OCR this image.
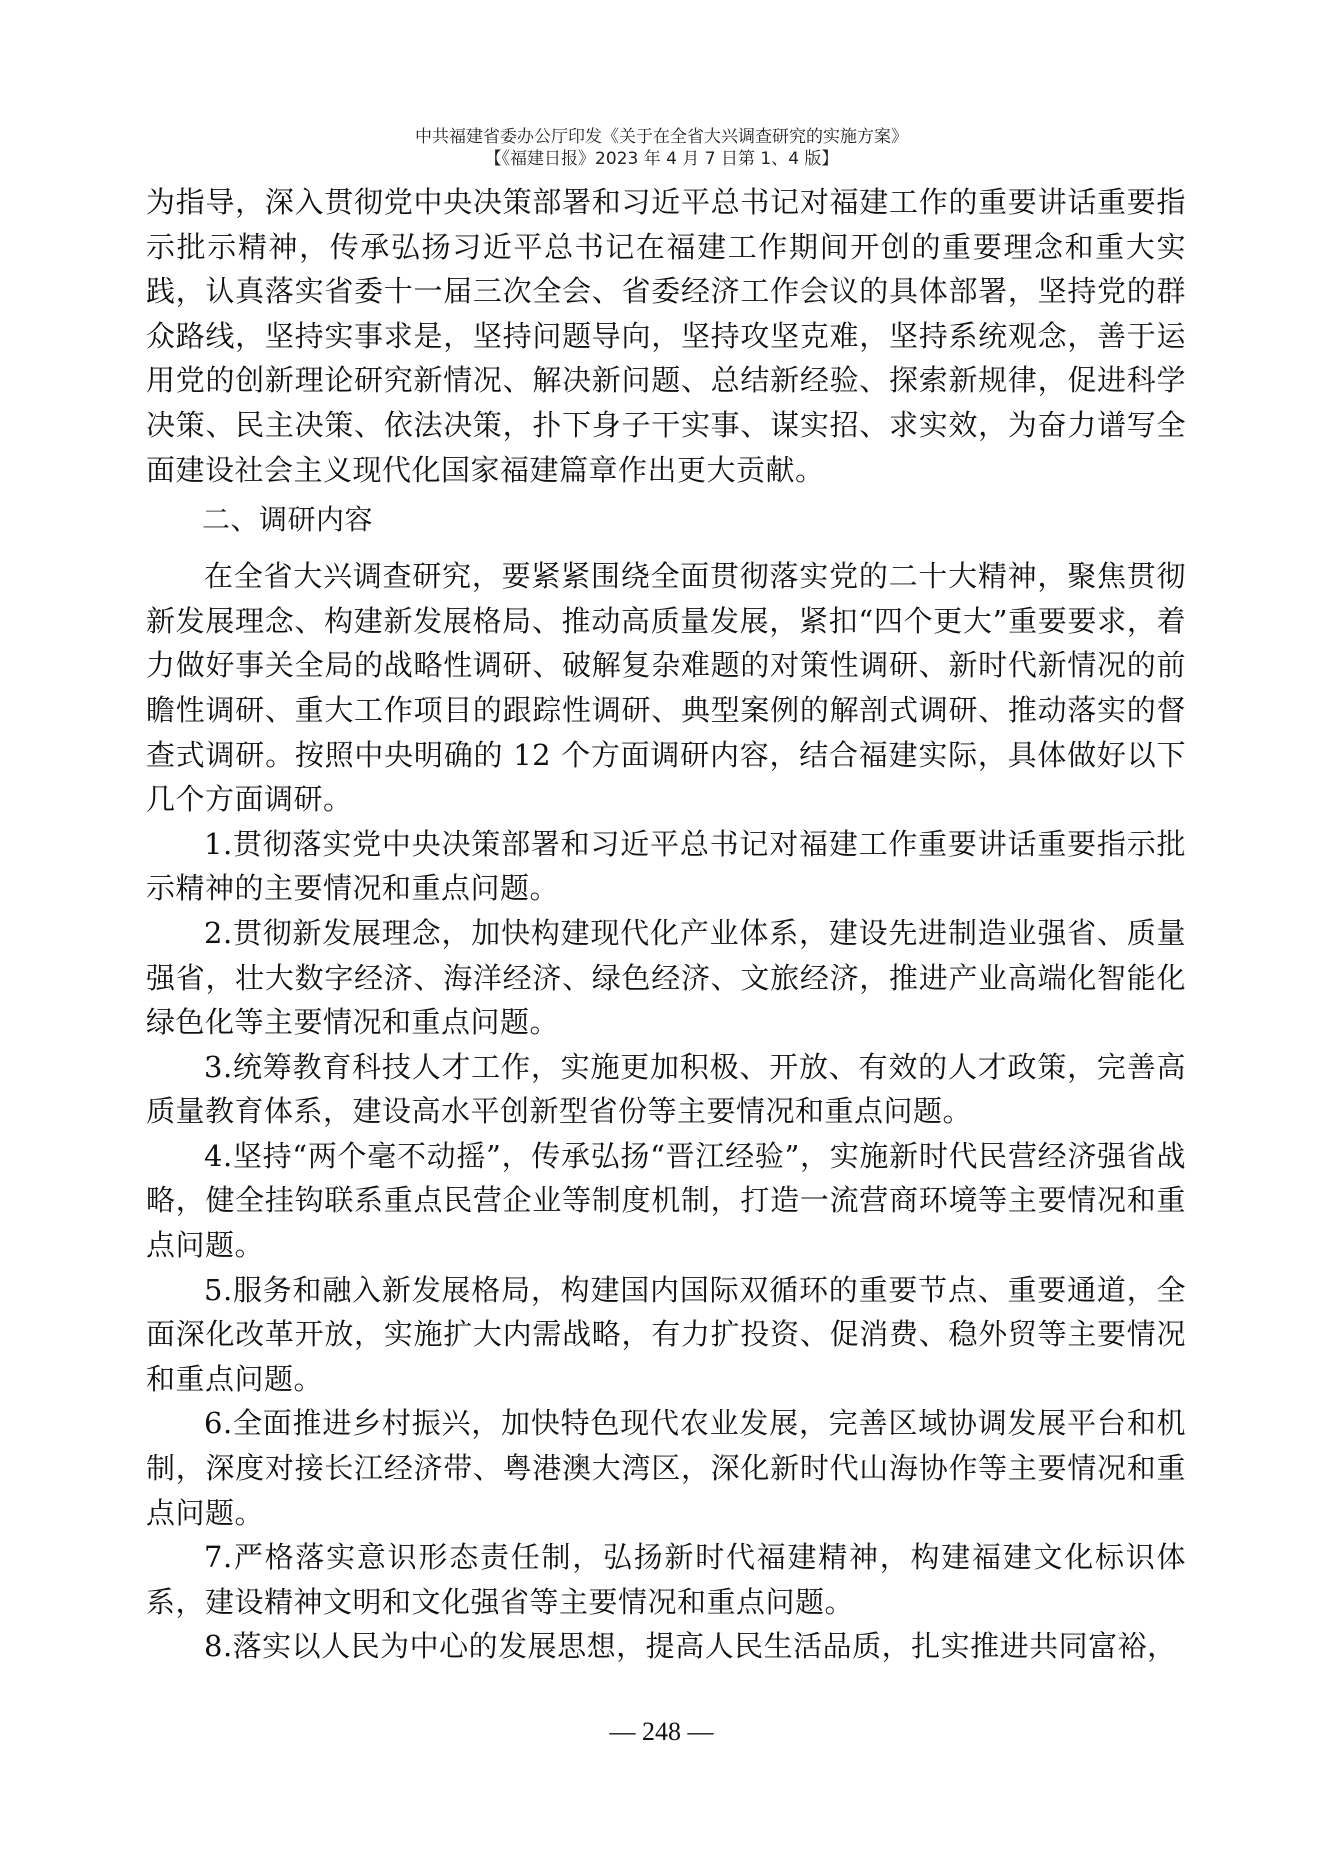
中共福建省委办公厅印发《关于在全省大兴调查研究的实施方案》
【《福建日报》2023 年 4 月 7 日第 1、4 版】

为指导，深入贯彻党中央决策部署和习近平总书记对福建工作的重要讲话重要指示批示精神，传承弘扬习近平总书记在福建工作期间开创的重要理念和重大实践，认真落实省委十一届三次全会、省委经济工作会议的具体部署，坚持党的群众路线，坚持实事求是，坚持问题导向，坚持攻坚克难，坚持系统观念，善于运用党的创新理论研究新情况、解决新问题、总结新经验、探索新规律，促进科学决策、民主决策、依法决策，扑下身子干实事、谋实招、求实效，为奋力谱写全面建设社会主义现代化国家福建篇章作出更大贡献。

二、调研内容

在全省大兴调查研究，要紧紧围绕全面贯彻落实党的二十大精神，聚焦贯彻新发展理念、构建新发展格局、推动高质量发展，紧扣“四个更大”重要要求，着力做好事关全局的战略性调研、破解复杂难题的对策性调研、新时代新情况的前瞻性调研、重大工作项目的跟踪性调研、典型案例的解剖式调研、推动落实的督查式调研。按照中央明确的 12 个方面调研内容，结合福建实际，具体做好以下几个方面调研。

1.贯彻落实党中央决策部署和习近平总书记对福建工作重要讲话重要指示批示精神的主要情况和重点问题。

2.贯彻新发展理念，加快构建现代化产业体系，建设先进制造业强省、质量强省，壮大数字经济、海洋经济、绿色经济、文旅经济，推进产业高端化智能化绿色化等主要情况和重点问题。

3.统筹教育科技人才工作，实施更加积极、开放、有效的人才政策，完善高质量教育体系，建设高水平创新型省份等主要情况和重点问题。

4.坚持“两个毫不动摇”，传承弘扬“晋江经验”，实施新时代民营经济强省战略，健全挂钩联系重点民营企业等制度机制，打造一流营商环境等主要情况和重点问题。

5.服务和融入新发展格局，构建国内国际双循环的重要节点、重要通道，全面深化改革开放，实施扩大内需战略，有力扩投资、促消费、稳外贸等主要情况和重点问题。

6.全面推进乡村振兴，加快特色现代农业发展，完善区域协调发展平台和机制，深度对接长江经济带、粤港澳大湾区，深化新时代山海协作等主要情况和重点问题。

7.严格落实意识形态责任制，弘扬新时代福建精神，构建福建文化标识体系，建设精神文明和文化强省等主要情况和重点问题。

8.落实以人民为中心的发展思想，提高人民生活品质，扎实推进共同富裕，

— 248 —
